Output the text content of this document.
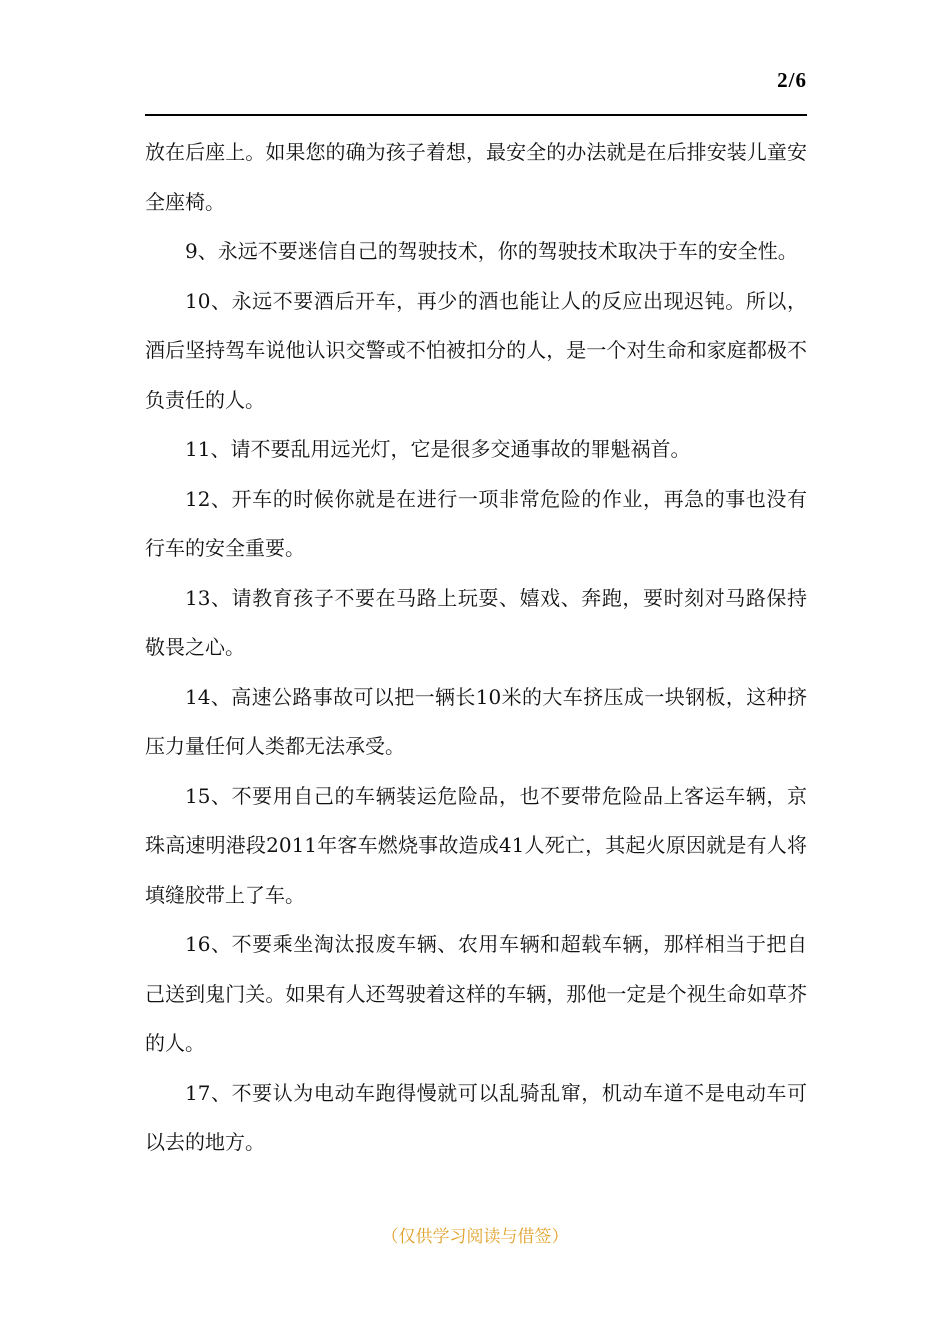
2/6

放在后座上。如果您的确为孩子着想，最安全的办法就是在后排安装儿童安全座椅。

9、永远不要迷信自己的驾驶技术，你的驾驶技术取决于车的安全性。

10、永远不要酒后开车，再少的酒也能让人的反应出现迟钝。所以，酒后坚持驾车说他认识交警或不怕被扣分的人，是一个对生命和家庭都极不负责任的人。

11、请不要乱用远光灯，它是很多交通事故的罪魁祸首。

12、开车的时候你就是在进行一项非常危险的作业，再急的事也没有行车的安全重要。

13、请教育孩子不要在马路上玩耍、嬉戏、奔跑，要时刻对马路保持敬畏之心。

14、高速公路事故可以把一辆长10米的大车挤压成一块钢板，这种挤压力量任何人类都无法承受。

15、不要用自己的车辆装运危险品，也不要带危险品上客运车辆，京珠高速明港段2011年客车燃烧事故造成41人死亡，其起火原因就是有人将填缝胶带上了车。

16、不要乘坐淘汰报废车辆、农用车辆和超载车辆，那样相当于把自己送到鬼门关。如果有人还驾驶着这样的车辆，那他一定是个视生命如草芥的人。

17、不要认为电动车跑得慢就可以乱骑乱窜，机动车道不是电动车可以去的地方。

（仅供学习阅读与借签）
